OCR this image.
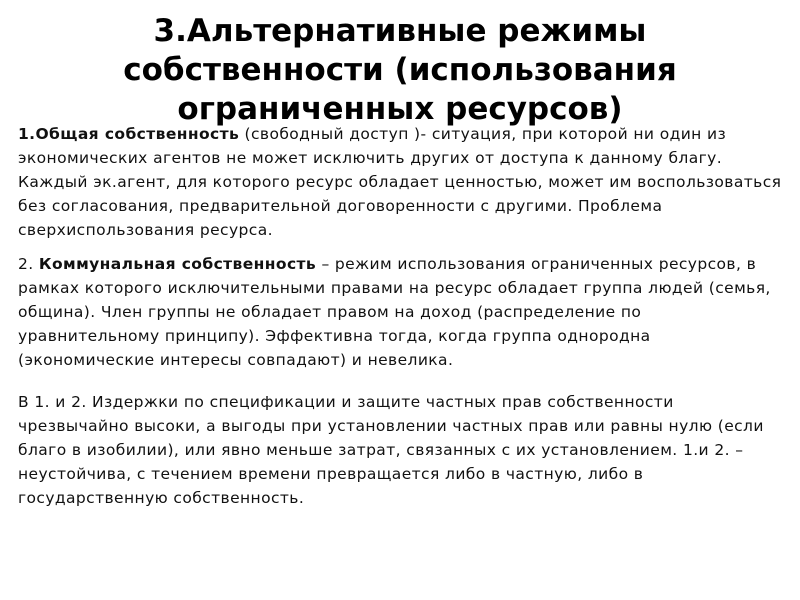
3.Альтернативные режимы собственности (использования ограниченных ресурсов)

1.Общая собственность (свободный доступ )- ситуация, при которой ни один из экономических агентов не может исключить других от доступа к данному благу. Каждый эк.агент, для которого ресурс обладает ценностью, может им воспользоваться без согласования, предварительной договоренности с другими. Проблема сверхиспользования ресурса.

2. Коммунальная собственность – режим использования ограниченных ресурсов, в рамках которого исключительными правами на ресурс обладает группа людей (семья, община). Член группы не обладает правом на доход (распределение по уравнительному принципу). Эффективна тогда, когда группа однородна (экономические интересы совпадают) и невелика.

В 1. и 2. Издержки по спецификации и защите частных прав собственности чрезвычайно высоки, а выгоды при установлении частных прав или равны нулю (если благо в изобилии), или явно меньше затрат, связанных с их установлением. 1.и 2. –неустойчива, с течением времени превращается либо в частную, либо в государственную собственность.
